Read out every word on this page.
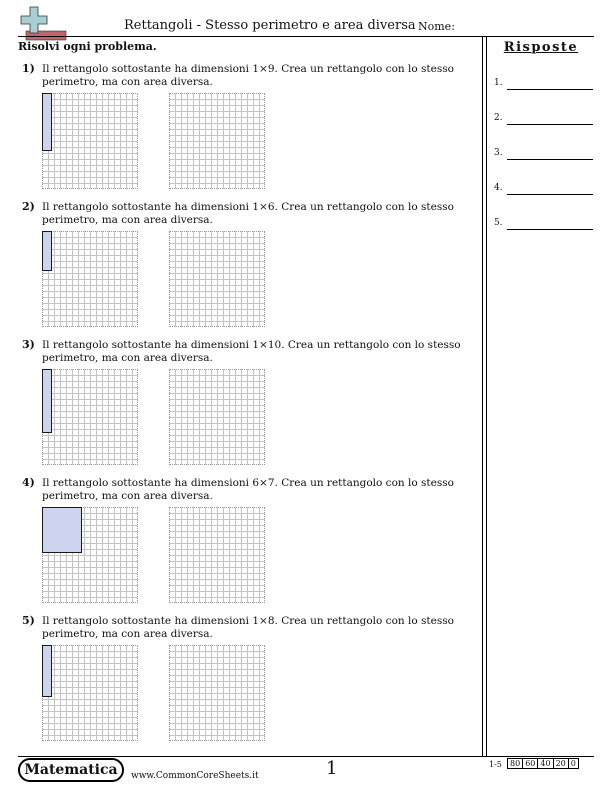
Rettangoli - Stesso perimetro e area diversa Nome:
Risolvi ogni problema.
1) Il rettangolo sottostante ha dimensioni 1×9. Crea un rettangolo con lo stesso perimetro, ma con area diversa.
2) Il rettangolo sottostante ha dimensioni 1×6. Crea un rettangolo con lo stesso perimetro, ma con area diversa.
3) Il rettangolo sottostante ha dimensioni 1×10. Crea un rettangolo con lo stesso perimetro, ma con area diversa.
4) Il rettangolo sottostante ha dimensioni 6×7. Crea un rettangolo con lo stesso perimetro, ma con area diversa.
5) Il rettangolo sottostante ha dimensioni 1×8. Crea un rettangolo con lo stesso perimetro, ma con area diversa.
Risposte
1.
2.
3.
4.
5.
Matematica	www.CommonCoreSheets.it	1	1-5 80	60	40	20	0
